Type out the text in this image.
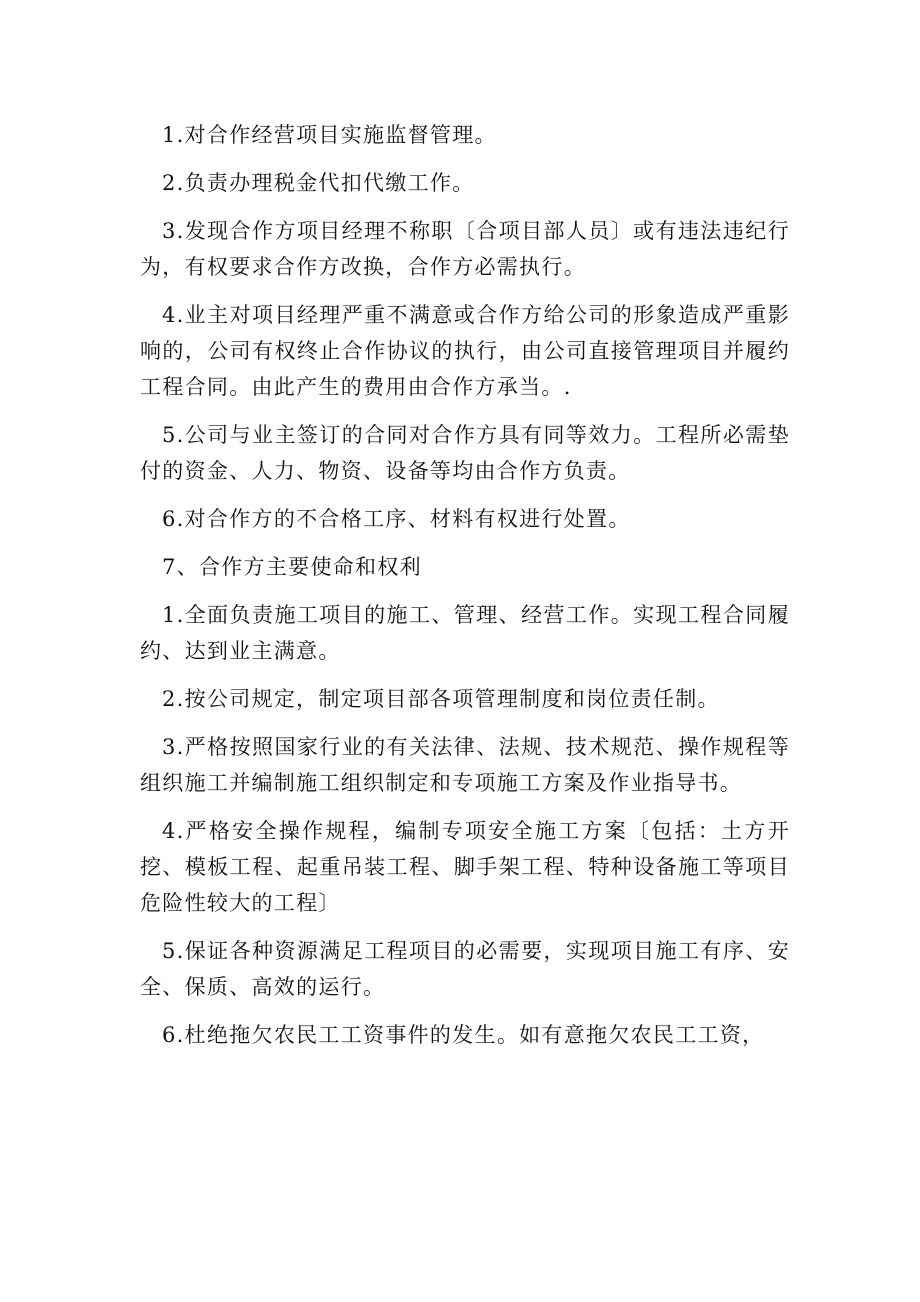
1.对合作经营项目实施监督管理。

2.负责办理税金代扣代缴工作。

3.发现合作方项目经理不称职〔合项目部人员〕或有违法违纪行为，有权要求合作方改换，合作方必需执行。

4.业主对项目经理严重不满意或合作方给公司的形象造成严重影响的，公司有权终止合作协议的执行，由公司直接管理项目并履约工程合同。由此产生的费用由合作方承当。.

5.公司与业主签订的合同对合作方具有同等效力。工程所必需垫付的资金、人力、物资、设备等均由合作方负责。

6.对合作方的不合格工序、材料有权进行处置。

7、合作方主要使命和权利

1.全面负责施工项目的施工、管理、经营工作。实现工程合同履约、达到业主满意。

2.按公司规定，制定项目部各项管理制度和岗位责任制。

3.严格按照国家行业的有关法律、法规、技术规范、操作规程等组织施工并编制施工组织制定和专项施工方案及作业指导书。

4.严格安全操作规程，编制专项安全施工方案〔包括：土方开挖、模板工程、起重吊装工程、脚手架工程、特种设备施工等项目危险性较大的工程〕

5.保证各种资源满足工程项目的必需要，实现项目施工有序、安全、保质、高效的运行。

6.杜绝拖欠农民工工资事件的发生。如有意拖欠农民工工资，
